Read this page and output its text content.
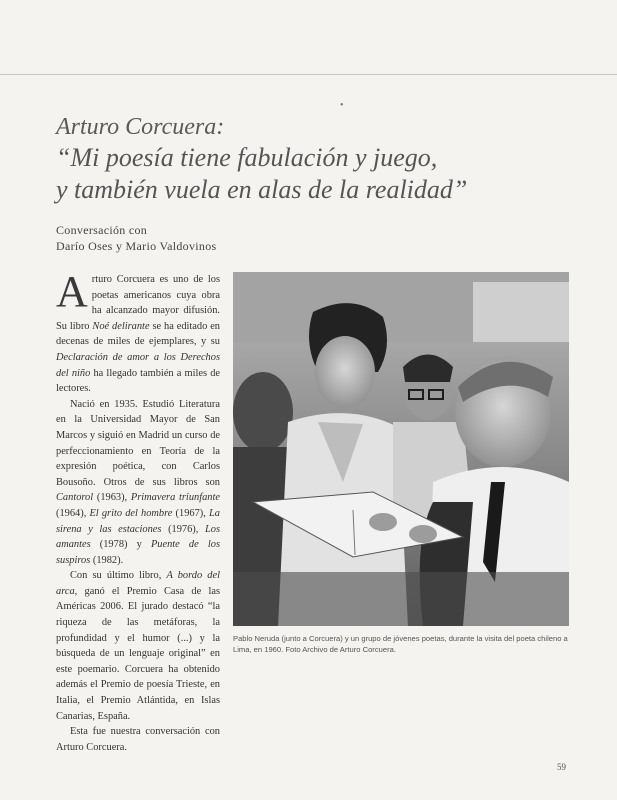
•

Arturo Corcuera:

“Mi poesía tiene fabulación y juego,

y también vuela en alas de la realidad”

Conversación con
Darío Oses y Mario Valdovinos

Arturo Corcuera es uno de los poetas americanos cuya obra ha alcanzado mayor difusión. Su libro Noé delirante se ha editado en decenas de miles de ejemplares, y su Declaración de amor a los Derechos del niño ha llegado también a miles de lectores.

Nació en 1935. Estudió Literatura en la Universidad Mayor de San Marcos y siguió en Madrid un curso de perfeccionamiento en Teoría de la expresión poética, con Carlos Bousoño. Otros de sus libros son Cantorol (1963), Primavera triunfante (1964), El grito del hombre (1967), La sirena y las estaciones (1976), Los amantes (1978) y Puente de los suspiros (1982).

Con su último libro, A bordo del arca, ganó el Premio Casa de las Américas 2006. El jurado destacó “la riqueza de las metáforas, la profundidad y el humor (...) y la búsqueda de un lenguaje original” en este poemario. Corcuera ha obtenido además el Premio de poesía Trieste, en Italia, el Premio Atlántida, en Islas Canarias, España.

Esta fue nuestra conversación con Arturo Corcuera.

Pablo Neruda (junto a Corcuera) y un grupo de jóvenes poetas, durante la visita del poeta chileno a Lima, en 1960. Foto Archivo de Arturo Corcuera.
59
